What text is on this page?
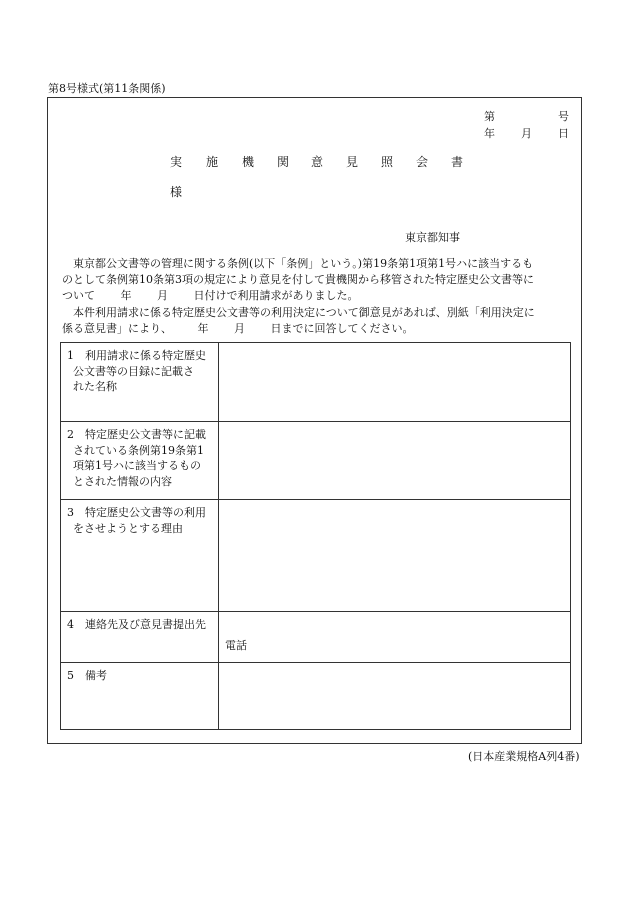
第8号様式(第11条関係)
第	号
年 月 日
実 施 機 関 意 見 照 会 書
様
東京都知事
　東京都公文書等の管理に関する条例(以下「条例」という。)第19条第1項第1号ハに該当するも
のとして条例第10条第3項の規定により意見を付して貴機関から移管された特定歴史公文書等に
ついて　　 年 　　月 　　日付けで利用請求がありました。
　本件利用請求に係る特定歴史公文書等の利用決定について御意見があれば、別紙「利用決定に
係る意見書」により、 　　年 　　月 　　日までに回答してください。
1 利用請求に係る特定歴史
公文書等の目録に記載さ
れた名称	

2 特定歴史公文書等に記載
されている条例第19条第1
項第1号ハに該当するもの
とされた情報の内容	

3 特定歴史公文書等の利用
をさせようとする理由	

4 連絡先及び意見書提出先	電話

5 備考	
(日本産業規格A列4番)
